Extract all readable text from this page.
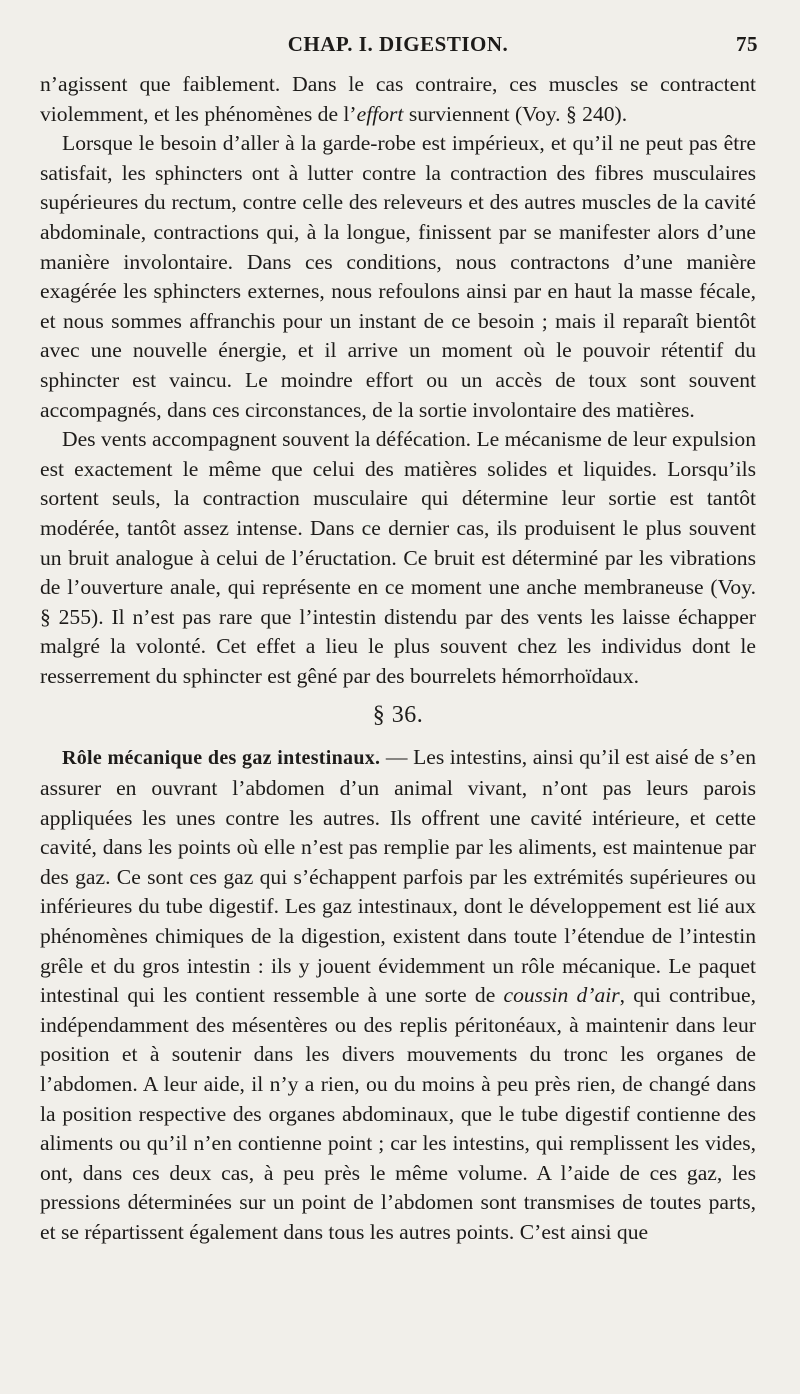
CHAP. I. DIGESTION.	75

n’agissent que faiblement. Dans le cas contraire, ces muscles se contractent violemment, et les phénomènes de l’effort surviennent (Voy. § 240).

Lorsque le besoin d’aller à la garde-robe est impérieux, et qu’il ne peut pas être satisfait, les sphincters ont à lutter contre la contraction des fibres musculaires supérieures du rectum, contre celle des releveurs et des autres muscles de la cavité abdominale, contractions qui, à la longue, finissent par se manifester alors d’une manière involontaire. Dans ces conditions, nous contractons d’une manière exagérée les sphincters externes, nous refoulons ainsi par en haut la masse fécale, et nous sommes affranchis pour un instant de ce besoin ; mais il reparaît bientôt avec une nouvelle énergie, et il arrive un moment où le pouvoir rétentif du sphincter est vaincu. Le moindre effort ou un accès de toux sont souvent accompagnés, dans ces circonstances, de la sortie involontaire des matières.

Des vents accompagnent souvent la défécation. Le mécanisme de leur expulsion est exactement le même que celui des matières solides et liquides. Lorsqu’ils sortent seuls, la contraction musculaire qui détermine leur sortie est tantôt modérée, tantôt assez intense. Dans ce dernier cas, ils produisent le plus souvent un bruit analogue à celui de l’éructation. Ce bruit est déterminé par les vibrations de l’ouverture anale, qui représente en ce moment une anche membraneuse (Voy. § 255). Il n’est pas rare que l’intestin distendu par des vents les laisse échapper malgré la volonté. Cet effet a lieu le plus souvent chez les individus dont le resserrement du sphincter est gêné par des bourrelets hémorrhoïdaux.

§ 36.

Rôle mécanique des gaz intestinaux. — Les intestins, ainsi qu’il est aisé de s’en assurer en ouvrant l’abdomen d’un animal vivant, n’ont pas leurs parois appliquées les unes contre les autres. Ils offrent une cavité intérieure, et cette cavité, dans les points où elle n’est pas remplie par les aliments, est maintenue par des gaz. Ce sont ces gaz qui s’échappent parfois par les extrémités supérieures ou inférieures du tube digestif. Les gaz intestinaux, dont le développement est lié aux phénomènes chimiques de la digestion, existent dans toute l’étendue de l’intestin grêle et du gros intestin : ils y jouent évidemment un rôle mécanique. Le paquet intestinal qui les contient ressemble à une sorte de coussin d’air, qui contribue, indépendamment des mésentères ou des replis péritonéaux, à maintenir dans leur position et à soutenir dans les divers mouvements du tronc les organes de l’abdomen. A leur aide, il n’y a rien, ou du moins à peu près rien, de changé dans la position respective des organes abdominaux, que le tube digestif contienne des aliments ou qu’il n’en contienne point ; car les intestins, qui remplissent les vides, ont, dans ces deux cas, à peu près le même volume. A l’aide de ces gaz, les pressions déterminées sur un point de l’abdomen sont transmises de toutes parts, et se répartissent également dans tous les autres points. C’est ainsi que
